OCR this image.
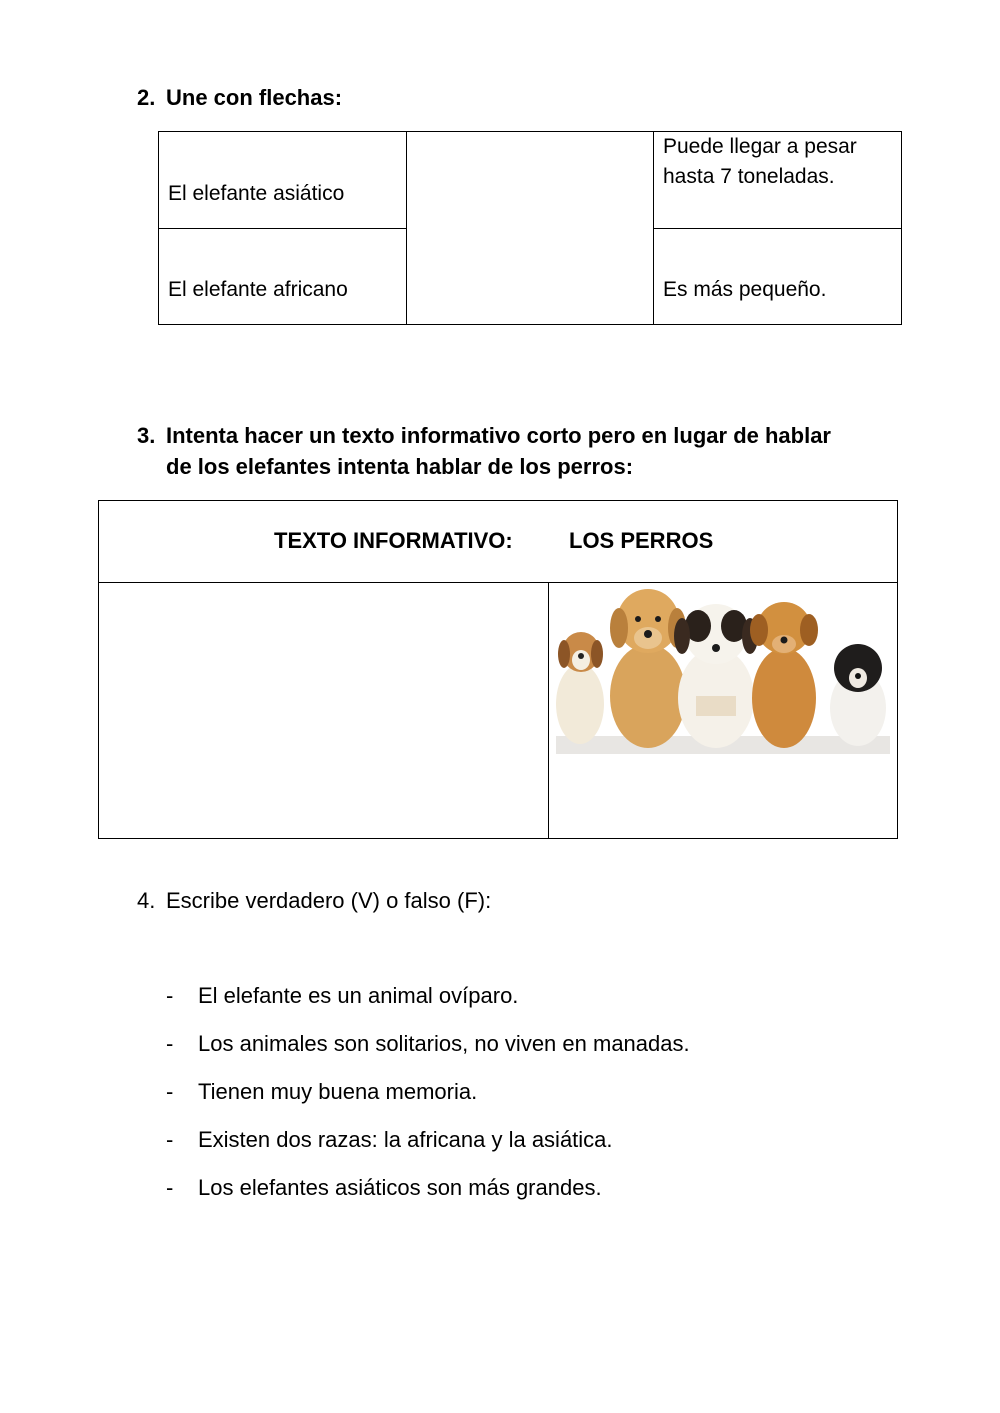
2. Une con flechas:
El elefante asiático
El elefante africano
Puede llegar a pesar hasta 7 toneladas.
Es más pequeño.
3. Intenta hacer un texto informativo corto pero en lugar de hablar
de los elefantes intenta hablar de los perros:
TEXTO INFORMATIVO:	LOS PERROS
4. Escribe verdadero (V) o falso (F):
- El elefante es un animal ovíparo.
- Los animales son solitarios, no viven en manadas.
- Tienen muy buena memoria.
- Existen dos razas: la africana y la asiática.
- Los elefantes asiáticos son más grandes.
